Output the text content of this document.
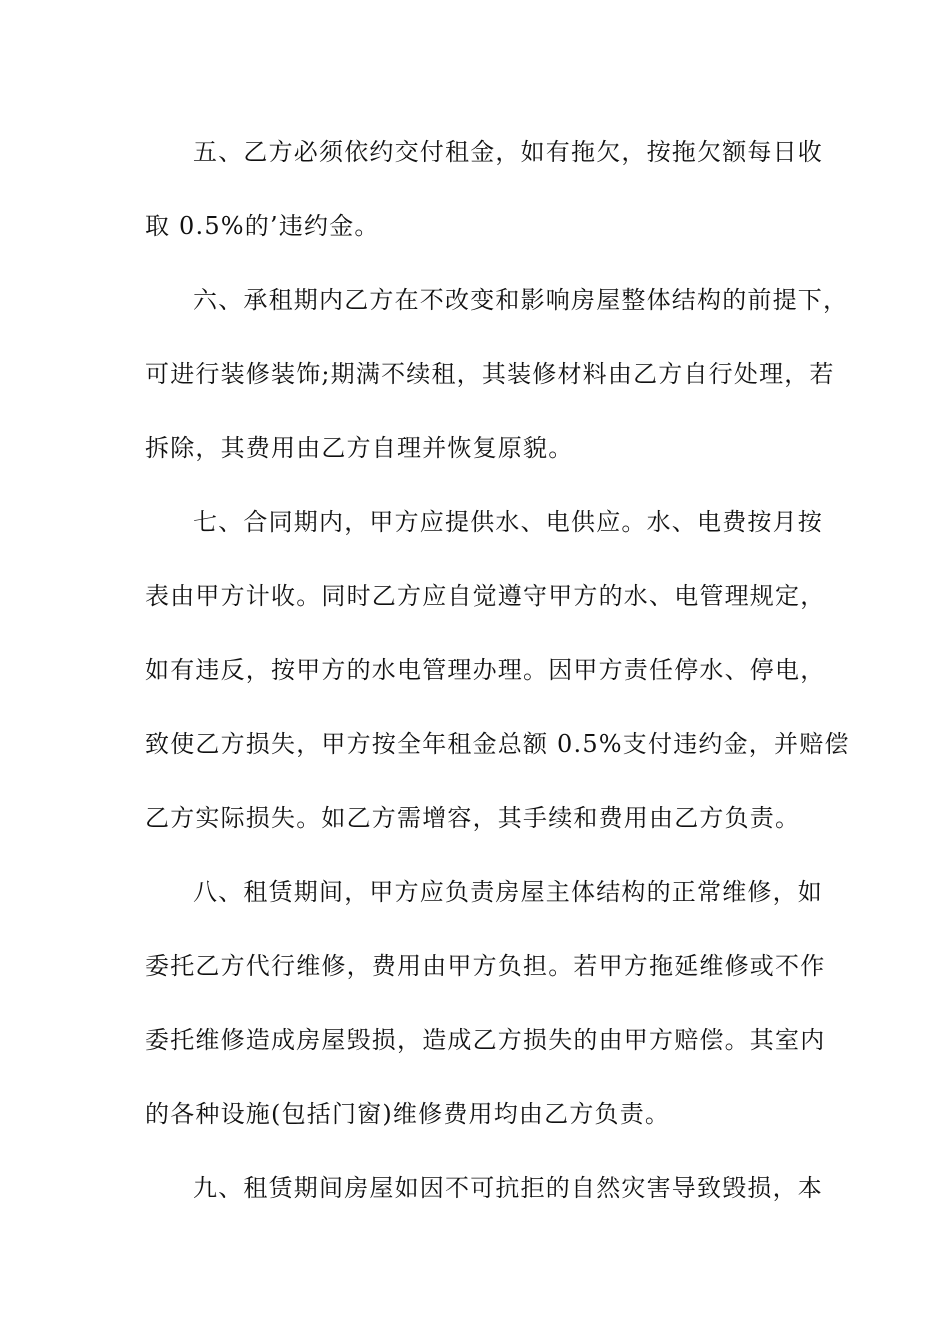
五、乙方必须依约交付租金，如有拖欠，按拖欠额每日收
取 0.5%的’违约金。
六、承租期内乙方在不改变和影响房屋整体结构的前提下，
可进行装修装饰;期满不续租，其装修材料由乙方自行处理，若
拆除，其费用由乙方自理并恢复原貌。
七、合同期内，甲方应提供水、电供应。水、电费按月按
表由甲方计收。同时乙方应自觉遵守甲方的水、电管理规定，
如有违反，按甲方的水电管理办理。因甲方责任停水、停电，
致使乙方损失，甲方按全年租金总额 0.5%支付违约金，并赔偿
乙方实际损失。如乙方需增容，其手续和费用由乙方负责。
八、租赁期间，甲方应负责房屋主体结构的正常维修，如
委托乙方代行维修，费用由甲方负担。若甲方拖延维修或不作
委托维修造成房屋毁损，造成乙方损失的由甲方赔偿。其室内
的各种设施(包括门窗)维修费用均由乙方负责。
九、租赁期间房屋如因不可抗拒的自然灾害导致毁损，本
